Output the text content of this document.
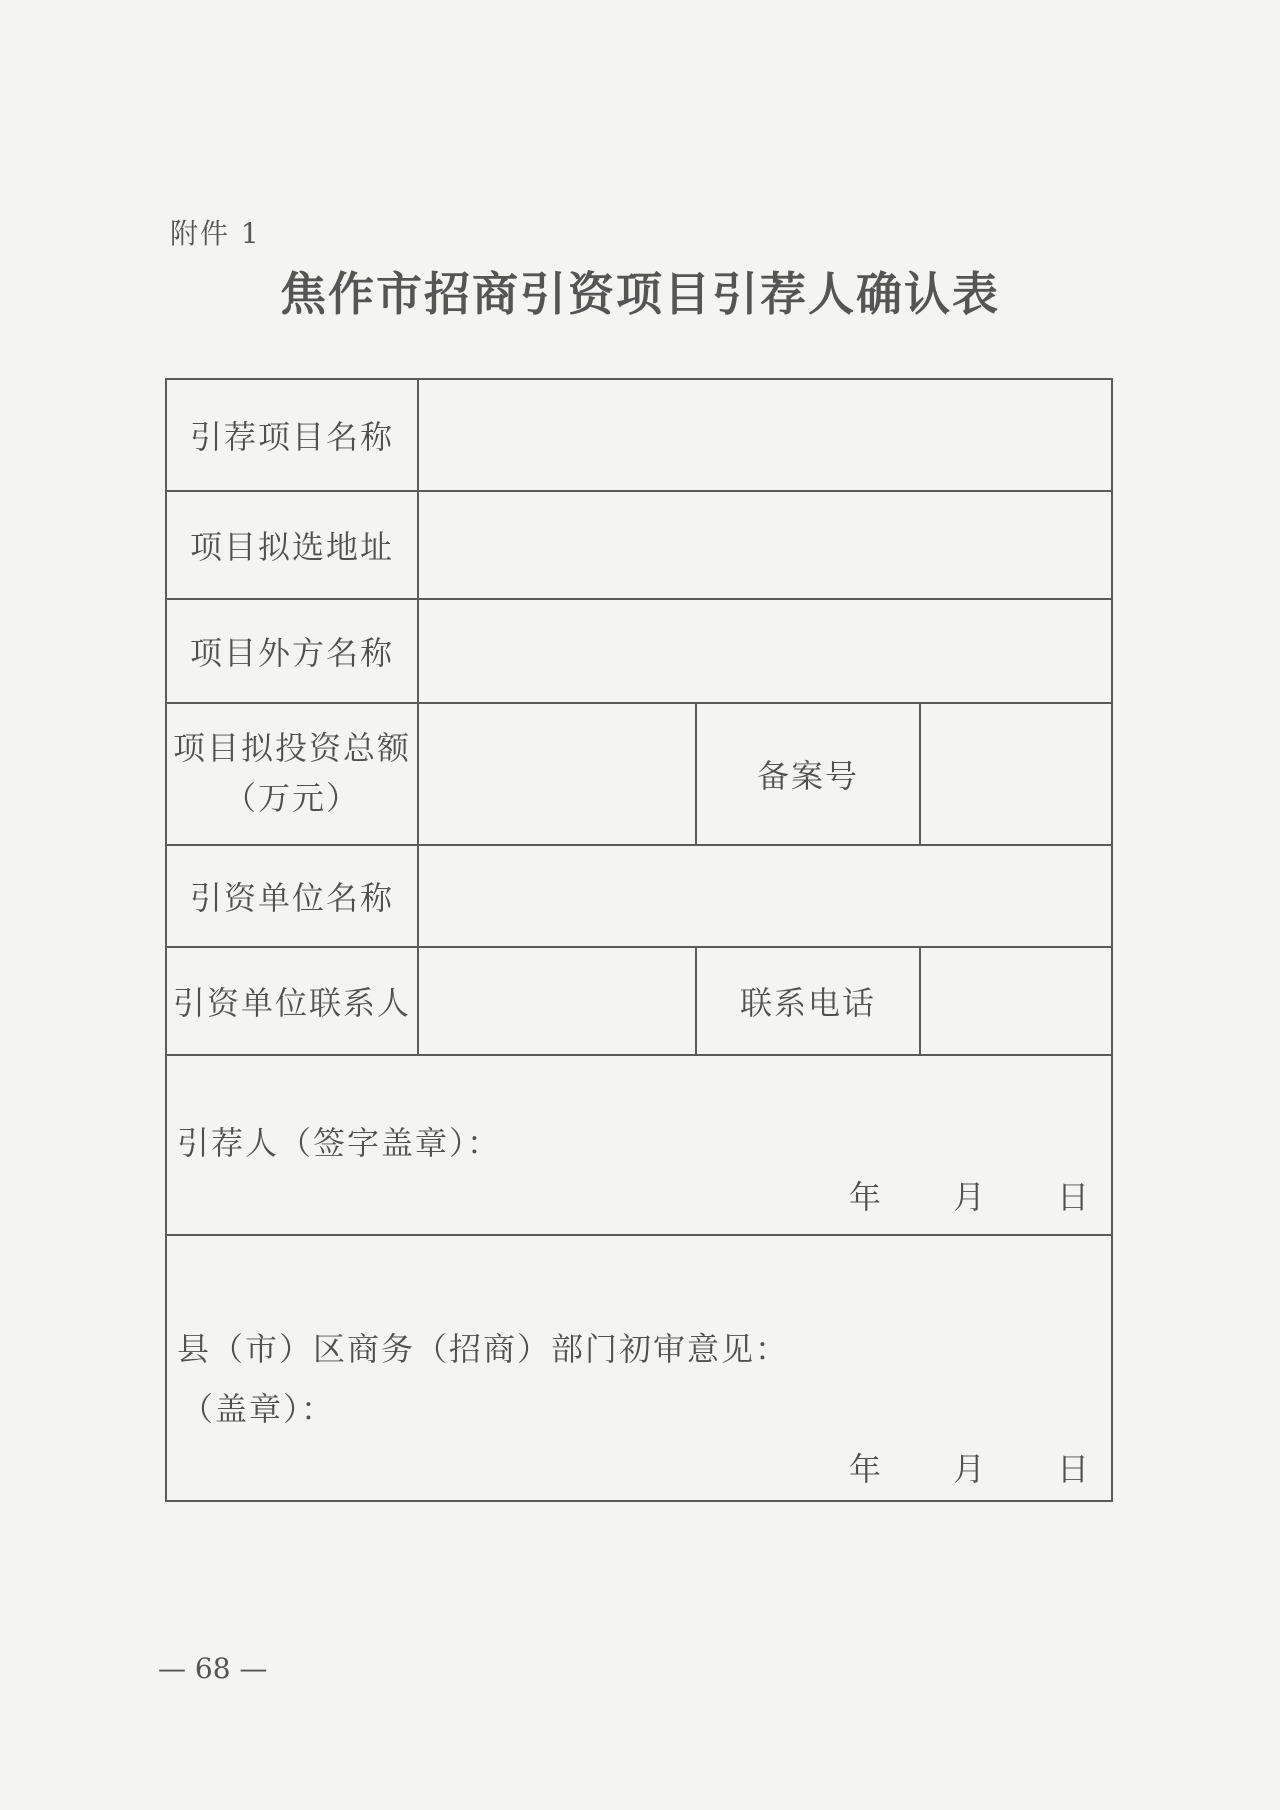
附件 1
焦作市招商引资项目引荐人确认表
引荐项目名称			
项目拟选地址			
项目外方名称			

项目拟投资总额
（万元）		备案号	
引资单位名称			
引资单位联系人		联系电话	

引荐人（签字盖章）：
年 月 日			

县（市）区商务（招商）部门初审意见：
（盖章）：
年 月 日			
— 68 —
